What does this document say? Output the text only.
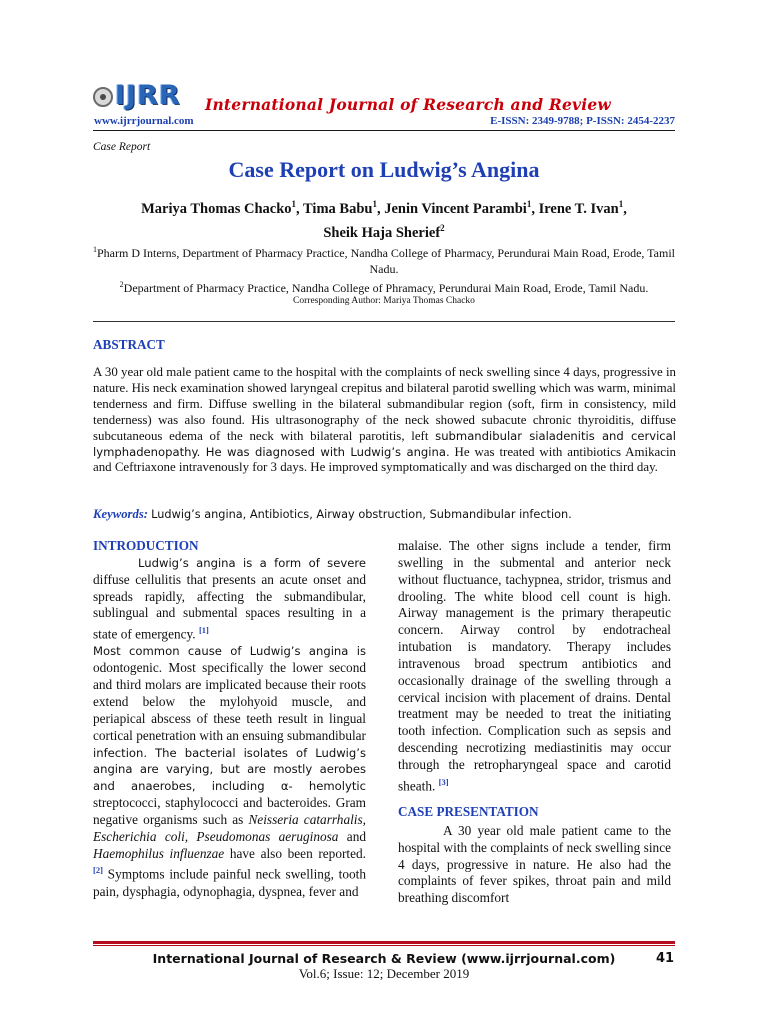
IJRR	International Journal of Research and Review
www.ijrrjournal.com	E-ISSN: 2349-9788; P-ISSN: 2454-2237
Case Report
Case Report on Ludwig’s Angina
Mariya Thomas Chacko$^1$, Tima Babu$^1$, Jenin Vincent Parambi$^1$, Irene T. Ivan$^1$,
Sheik Haja Sherief$^2$
$^1$Pharm D Interns, Department of Pharmacy Practice, Nandha College of Pharmacy, Perundurai Main Road, Erode, Tamil Nadu.
$^2$Department of Pharmacy Practice, Nandha College of Phramacy, Perundurai Main Road, Erode, Tamil Nadu.
Corresponding Author: Mariya Thomas Chacko
ABSTRACT

A 30 year old male patient came to the hospital with the complaints of neck swelling since 4 days, progressive in nature. His neck examination showed laryngeal crepitus and bilateral parotid swelling which was warm, minimal tenderness and firm. Diffuse swelling in the bilateral submandibular region (soft, firm in consistency, mild tenderness) was also found. His ultrasonography of the neck showed subacute chronic thyroiditis, diffuse subcutaneous edema of the neck with bilateral parotitis, left submandibular sialadenitis and cervical lymphadenopathy. He was diagnosed with Ludwig’s angina. He was treated with antibiotics Amikacin and Ceftriaxone intravenously for 3 days. He improved symptomatically and was discharged on the third day.

Keywords: Ludwig’s angina, Antibiotics, Airway obstruction, Submandibular infection.
INTRODUCTION

Ludwig’s angina is a form of severe diffuse cellulitis that presents an acute onset and spreads rapidly, affecting the submandibular, sublingual and submental spaces resulting in a state of emergency. [1]

Most common cause of Ludwig’s angina is odontogenic. Most specifically the lower second and third molars are implicated because their roots extend below the mylohyoid muscle, and periapical abscess of these teeth result in lingual cortical penetration with an ensuing submandibular infection. The bacterial isolates of Ludwig’s angina are varying, but are mostly aerobes and anaerobes, including α- hemolytic streptococci, staphylococci and bacteroides. Gram negative organisms such as Neisseria catarrhalis, Escherichia coli, Pseudomonas aeruginosa and Haemophilus influenzae have also been reported. [2] Symptoms include painful neck swelling, tooth pain, dysphagia, odynophagia, dyspnea, fever and

malaise. The other signs include a tender, firm swelling in the submental and anterior neck without fluctuance, tachypnea, stridor, trismus and drooling. The white blood cell count is high. Airway management is the primary therapeutic concern. Airway control by endotracheal intubation is mandatory. Therapy includes intravenous broad spectrum antibiotics and occasionally drainage of the swelling through a cervical incision with placement of drains. Dental treatment may be needed to treat the initiating tooth infection. Complication such as sepsis and descending necrotizing mediastinitis may occur through the retropharyngeal space and carotid sheath. [3]

CASE PRESENTATION

A 30 year old male patient came to the hospital with the complaints of neck swelling since 4 days, progressive in nature. He also had the complaints of fever spikes, throat pain and mild breathing discomfort

International Journal of Research & Review (www.ijrrjournal.com)	41
Vol.6; Issue: 12; December 2019
